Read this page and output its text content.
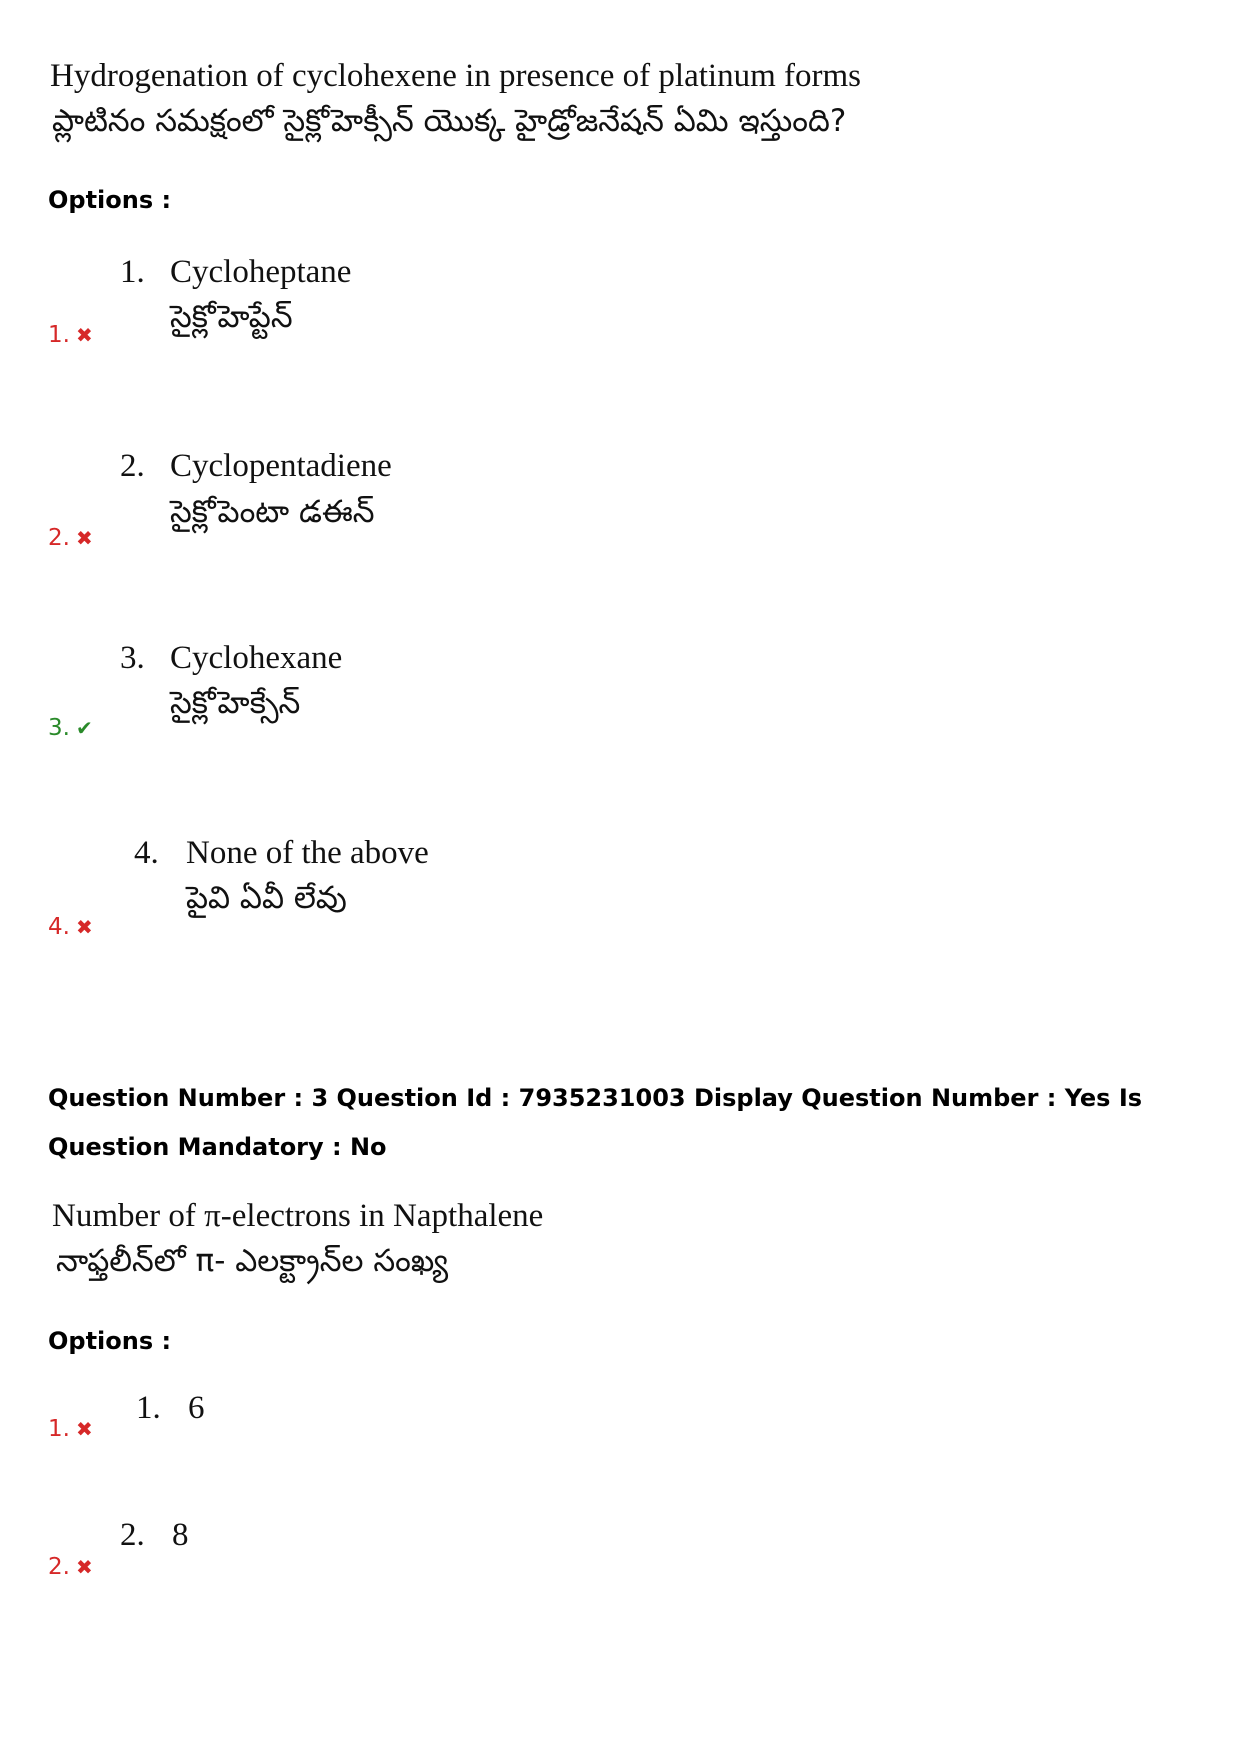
Hydrogenation of cyclohexene in presence of platinum forms
ప్లాటినం సమక్షంలో సైక్లోహెక్సీన్ యొక్క హైడ్రోజనేషన్ ఏమి ఇస్తుంది?
Options :
1. ✖
1. Cycloheptane
సైక్లోహెప్టేన్
2. ✖
2. Cyclopentadiene
సైక్లోపెంటా డఈన్
3. ✔
3. Cyclohexane
సైక్లోహెక్సేన్
4. ✖
4. None of the above
పైవి ఏవీ లేవు
Question Number : 3 Question Id : 7935231003 Display Question Number : Yes Is Question Mandatory : No
Number of π-electrons in Napthalene
నాఫ్తలీన్‌లో π- ఎలక్ట్రాన్‌ల సంఖ్య
Options :
1. ✖
1. 6
2. ✖
2. 8
